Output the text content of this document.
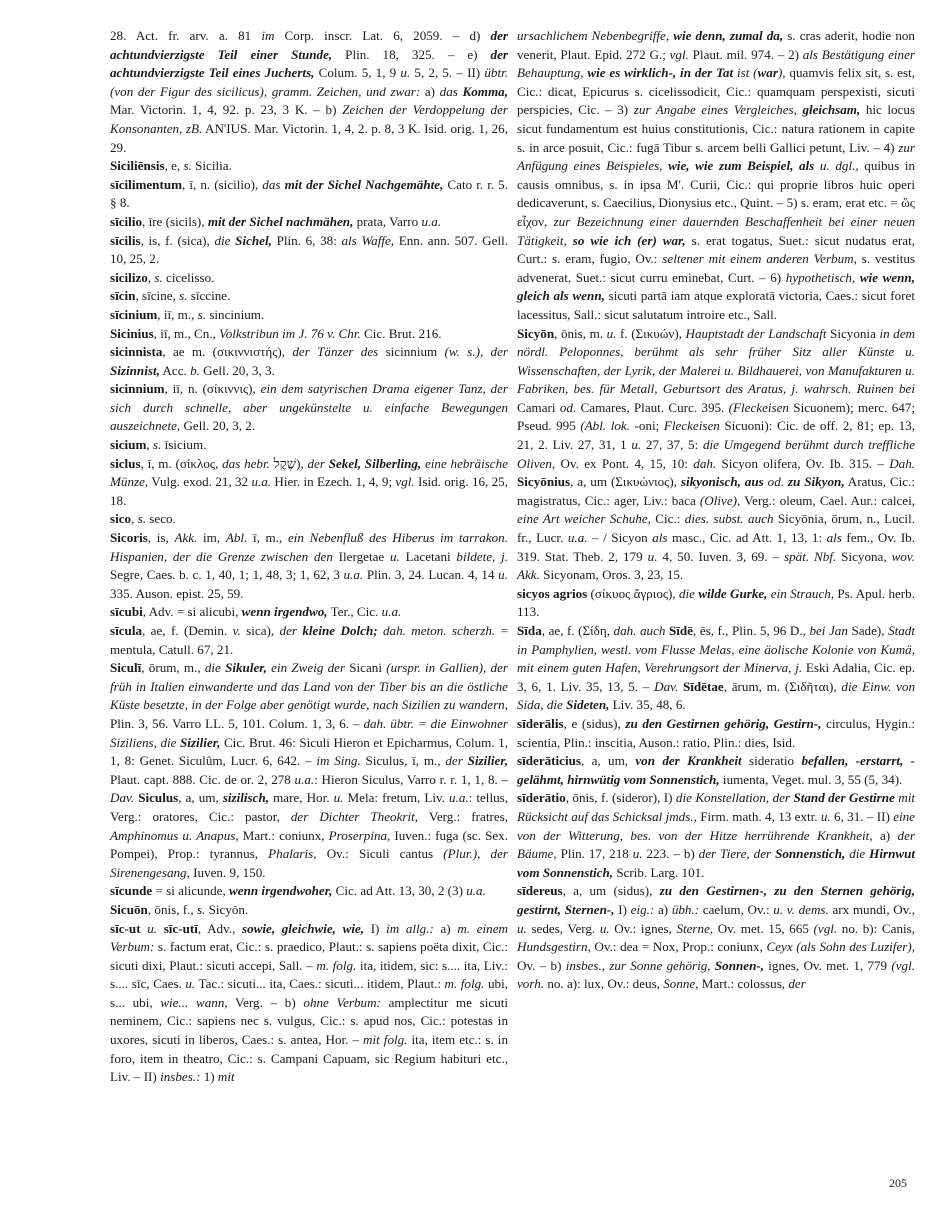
28. Act. fr. arv. a. 81 im Corp. inscr. Lat. 6, 2059. – d) der achtundvierzigste Teil einer Stunde, Plin. 18, 325. – e) der achtundvierzigste Teil eines Jucherts, Colum. 5, 1, 9 u. 5, 2, 5. – II) übtr. (von der Figur des sicilicus), gramm. Zeichen, und zwar: a) das Komma, Mar. Victorin. 1, 4, 92. p. 23, 3 K. – b) Zeichen der Verdoppelung der Konsonanten, zB. AN'IUS. Mar. Victorin. 1, 4, 2. p. 8, 3 K. Isid. orig. 1, 26, 29.

Siciliēnsis, e, s. Sicilia.

sīcilimentum, ī, n. (sicilio), das mit der Sichel Nachgemähte, Cato r. r. 5. § 8.

sīcilio, īre (sicils), mit der Sichel nachmähen, prata, Varro u.a.

sīcilis, is, f. (sica), die Sichel, Plin. 6, 38: als Waffe, Enn. ann. 507. Gell. 10, 25, 2.

sicilizo, s. cicelisso.

sīcin, sīcine, s. sīccine.

sīcinium, iī, m., s. sincinium.

Sicinius, iī, m., Cn., Volkstribun im J. 76 v. Chr. Cic. Brut. 216.

sicinnista, ae m. (σικιννιστής), der Tänzer des sicinnium (w. s.), der Sizinnist, Acc. b. Gell. 20, 3, 3.

sicinnium, iī, n. (σίκιννις), ein dem satyrischen Drama eigener Tanz, der sich durch schnelle, aber ungekünstelte u. einfache Bewegungen auszeichnete, Gell. 20, 3, 2.

sicium, s. īsicium.

siclus, ī, m. (σίκλος, das hebr. שֶׁקֶל), der Sekel, Silberling, eine hebräische Münze, Vulg. exod. 21, 32 u.a. Hier. in Ezech. 1, 4, 9; vgl. Isid. orig. 16, 25, 18.

sico, s. seco.

Sicoris, is, Akk. im, Abl. ī, m., ein Nebenfluß des Hiberus im tarrakon. Hispanien, der die Grenze zwischen den Ilergetae u. Lacetani bildete, j. Segre, Caes. b. c. 1, 40, 1; 1, 48, 3; 1, 62, 3 u.a. Plin. 3, 24. Lucan. 4, 14 u. 335. Auson. epist. 25, 59.

sīcubi, Adv. = si alicubi, wenn irgendwo, Ter., Cic. u.a.

sīcula, ae, f. (Demin. v. sica), der kleine Dolch; dah. meton. scherzh. = mentula, Catull. 67, 21.

Siculī, ōrum, m., die Sikuler, ein Zweig der Sicani (urspr. in Gallien), der früh in Italien einwanderte und das Land von der Tiber bis an die östliche Küste besetzte, in der Folge aber genötigt wurde, nach Sizilien zu wandern, Plin. 3, 56. Varro LL. 5, 101. Colum. 1, 3, 6. – dah. übtr. = die Einwohner Siziliens, die Sizilier, Cic. Brut. 46: Siculi Hieron et Epicharmus, Colum. 1, 1, 8: Genet. Siculûm, Lucr. 6, 642. – im Sing. Siculus, ī, m., der Sizilier, Plaut. capt. 888. Cic. de or. 2, 278 u.a.: Hieron Siculus, Varro r. r. 1, 1, 8. – Dav. Siculus, a, um, sizilisch, mare, Hor. u. Mela: fretum, Liv. u.a.: tellus, Verg.: oratores, Cic.: pastor, der Dichter Theokrit, Verg.: fratres, Amphinomus u. Anapus, Mart.: coniunx, Proserpina, Iuven.: fuga (sc. Sex. Pompei), Prop.: tyrannus, Phalaris, Ov.: Siculi cantus (Plur.), der Sirenengesang, Iuven. 9, 150.

sīcunde = si alicunde, wenn irgendwoher, Cic. ad Att. 13, 30, 2 (3) u.a.

Sicuōn, ōnis, f., s. Sicyōn.

sīc-ut u. sīc-utī, Adv., sowie, gleichwie, wie, I) im allg.: a) m. einem Verbum: s. factum erat, Cic.: s. praedico, Plaut.: s. sapiens poëta dixit, Cic.: sicuti dixi, Plaut.: sicuti accepi, Sall. – m. folg. ita, itidem, sic: s.... ita, Liv.: s.... sīc, Caes. u. Tac.: sicuti... ita, Caes.: sicuti... itidem, Plaut.: m. folg. ubi, s... ubi, wie... wann, Verg. – b) ohne Verbum: amplectitur me sicuti neminem, Cic.: sapiens nec s. vulgus, Cic.: s. apud nos, Cic.: potestas in uxores, sicuti in liberos, Caes.: s. antea, Hor. – mit folg. ita, item etc.: s. in foro, item in theatro, Cic.: s. Campani Capuam, sic Regium habituri etc., Liv. – II) insbes.: 1) mit

ursachlichem Nebenbegriffe, wie denn, zumal da, s. cras aderit, hodie non venerit, Plaut. Epid. 272 G.; vgl. Plaut. mil. 974. – 2) als Bestätigung einer Behauptung, wie es wirklich-, in der Tat ist (war), quamvis felix sit, s. est, Cic.: dicat, Epicurus s. cicelissodicit, Cic.: quamquam perspexisti, sicuti perspicies, Cic. – 3) zur Angabe eines Vergleiches, gleichsam, hic locus sicut fundamentum est huius constitutionis, Cic.: natura rationem in capite s. in arce posuit, Cic.: fugā Tibur s. arcem belli Gallici petunt, Liv. – 4) zur Anfügung eines Beispieles, wie, wie zum Beispiel, als u. dgl., quibus in causis omnibus, s. in ipsa M'. Curii, Cic.: qui proprie libros huic operi dedicaverunt, s. Caecilius, Dionysius etc., Quint. – 5) s. eram, erat etc. = ὥς εἶχον, zur Bezeichnung einer dauernden Beschaffenheit bei einer neuen Tätigkeit, so wie ich (er) war, s. erat togatus, Suet.: sicut nudatus erat, Curt.: s. eram, fugio, Ov.: seltener mit einem anderen Verbum, s. vestitus advenerat, Suet.: sicut curru eminebat, Curt. – 6) hypothetisch, wie wenn, gleich als wenn, sicuti partā iam atque exploratā victoria, Caes.: sicut foret lacessitus, Sall.: sicut salutatum introire etc., Sall.

Sicyōn, ōnis, m. u. f. (Σικυών), Hauptstadt der Landschaft Sicyonia in dem nördl. Peloponnes, berühmt als sehr früher Sitz aller Künste u. Wissenschaften, der Lyrik, der Malerei u. Bildhauerei, von Manufakturen u. Fabriken, bes. für Metall, Geburtsort des Aratus, j. wahrsch. Ruinen bei Camari od. Camares, Plaut. Curc. 395. (Fleckeisen Sicuonem); merc. 647; Pseud. 995 (Abl. lok. -oni; Fleckeisen Sicuoni): Cic. de off. 2, 81; ep. 13, 21, 2. Liv. 27, 31, 1 u. 27, 37, 5: die Umgegend berühmt durch treffliche Oliven, Ov. ex Pont. 4, 15, 10: dah. Sicyon olifera, Ov. Ib. 315. – Dah. Sicyōnius, a, um (Σικυώνιος), sikyonisch, aus od. zu Sikyon, Aratus, Cic.: magistratus, Cic.: ager, Liv.: baca (Olive), Verg.: oleum, Cael. Aur.: calcei, eine Art weicher Schuhe, Cic.: dies. subst. auch Sicyōnia, ōrum, n., Lucil. fr., Lucr. u.a. – / Sicyon als masc., Cic. ad Att. 1, 13, 1: als fem., Ov. Ib. 319. Stat. Theb. 2, 179 u. 4, 50. Iuven. 3, 69. – spät. Nbf. Sicyona, wov. Akk. Sicyonam, Oros. 3, 23, 15.

sicyos agrios (σίκυος ἄγριος), die wilde Gurke, ein Strauch, Ps. Apul. herb. 113.

Sīda, ae, f. (Σίδη, dah. auch Sīdē, ēs, f., Plin. 5, 96 D., bei Jan Sade), Stadt in Pamphylien, westl. vom Flusse Melas, eine äolische Kolonie von Kumä, mit einem guten Hafen, Verehrungsort der Minerva, j. Eski Adalia, Cic. ep. 3, 6, 1. Liv. 35, 13, 5. – Dav. Sīdētae, ārum, m. (Σιδῆται), die Einw. von Sida, die Sideten, Liv. 35, 48, 6.

sīderālis, e (sidus), zu den Gestirnen gehörig, Gestirn-, circulus, Hygin.: scientia, Plin.: inscitia, Auson.: ratio, Plin.: dies, Isid.

sīderāticius, a, um, von der Krankheit sideratio befallen, -erstarrt, -gelähmt, hirnwütig vom Sonnenstich, iumenta, Veget. mul. 3, 55 (5, 34).

sīderātio, ōnis, f. (sideror), I) die Konstellation, der Stand der Gestirne mit Rücksicht auf das Schicksal jmds., Firm. math. 4, 13 extr. u. 6, 31. – II) eine von der Witterung, bes. von der Hitze herrührende Krankheit, a) der Bäume, Plin. 17, 218 u. 223. – b) der Tiere, der Sonnenstich, die Hirnwut vom Sonnenstich, Scrib. Larg. 101.

sīdereus, a, um (sidus), zu den Gestirnen-, zu den Sternen gehörig, gestirnt, Sternen-, I) eig.: a) übh.: caelum, Ov.: u. v. dems. arx mundi, Ov., u. sedes, Verg. u. Ov.: ignes, Sterne, Ov. met. 15, 665 (vgl. no. b): Canis, Hundsgestirn, Ov.: dea = Nox, Prop.: coniunx, Ceyx (als Sohn des Luzifer), Ov. – b) insbes., zur Sonne gehörig, Sonnen-, ignes, Ov. met. 1, 779 (vgl. vorh. no. a): lux, Ov.: deus, Sonne, Mart.: colossus, der

205
